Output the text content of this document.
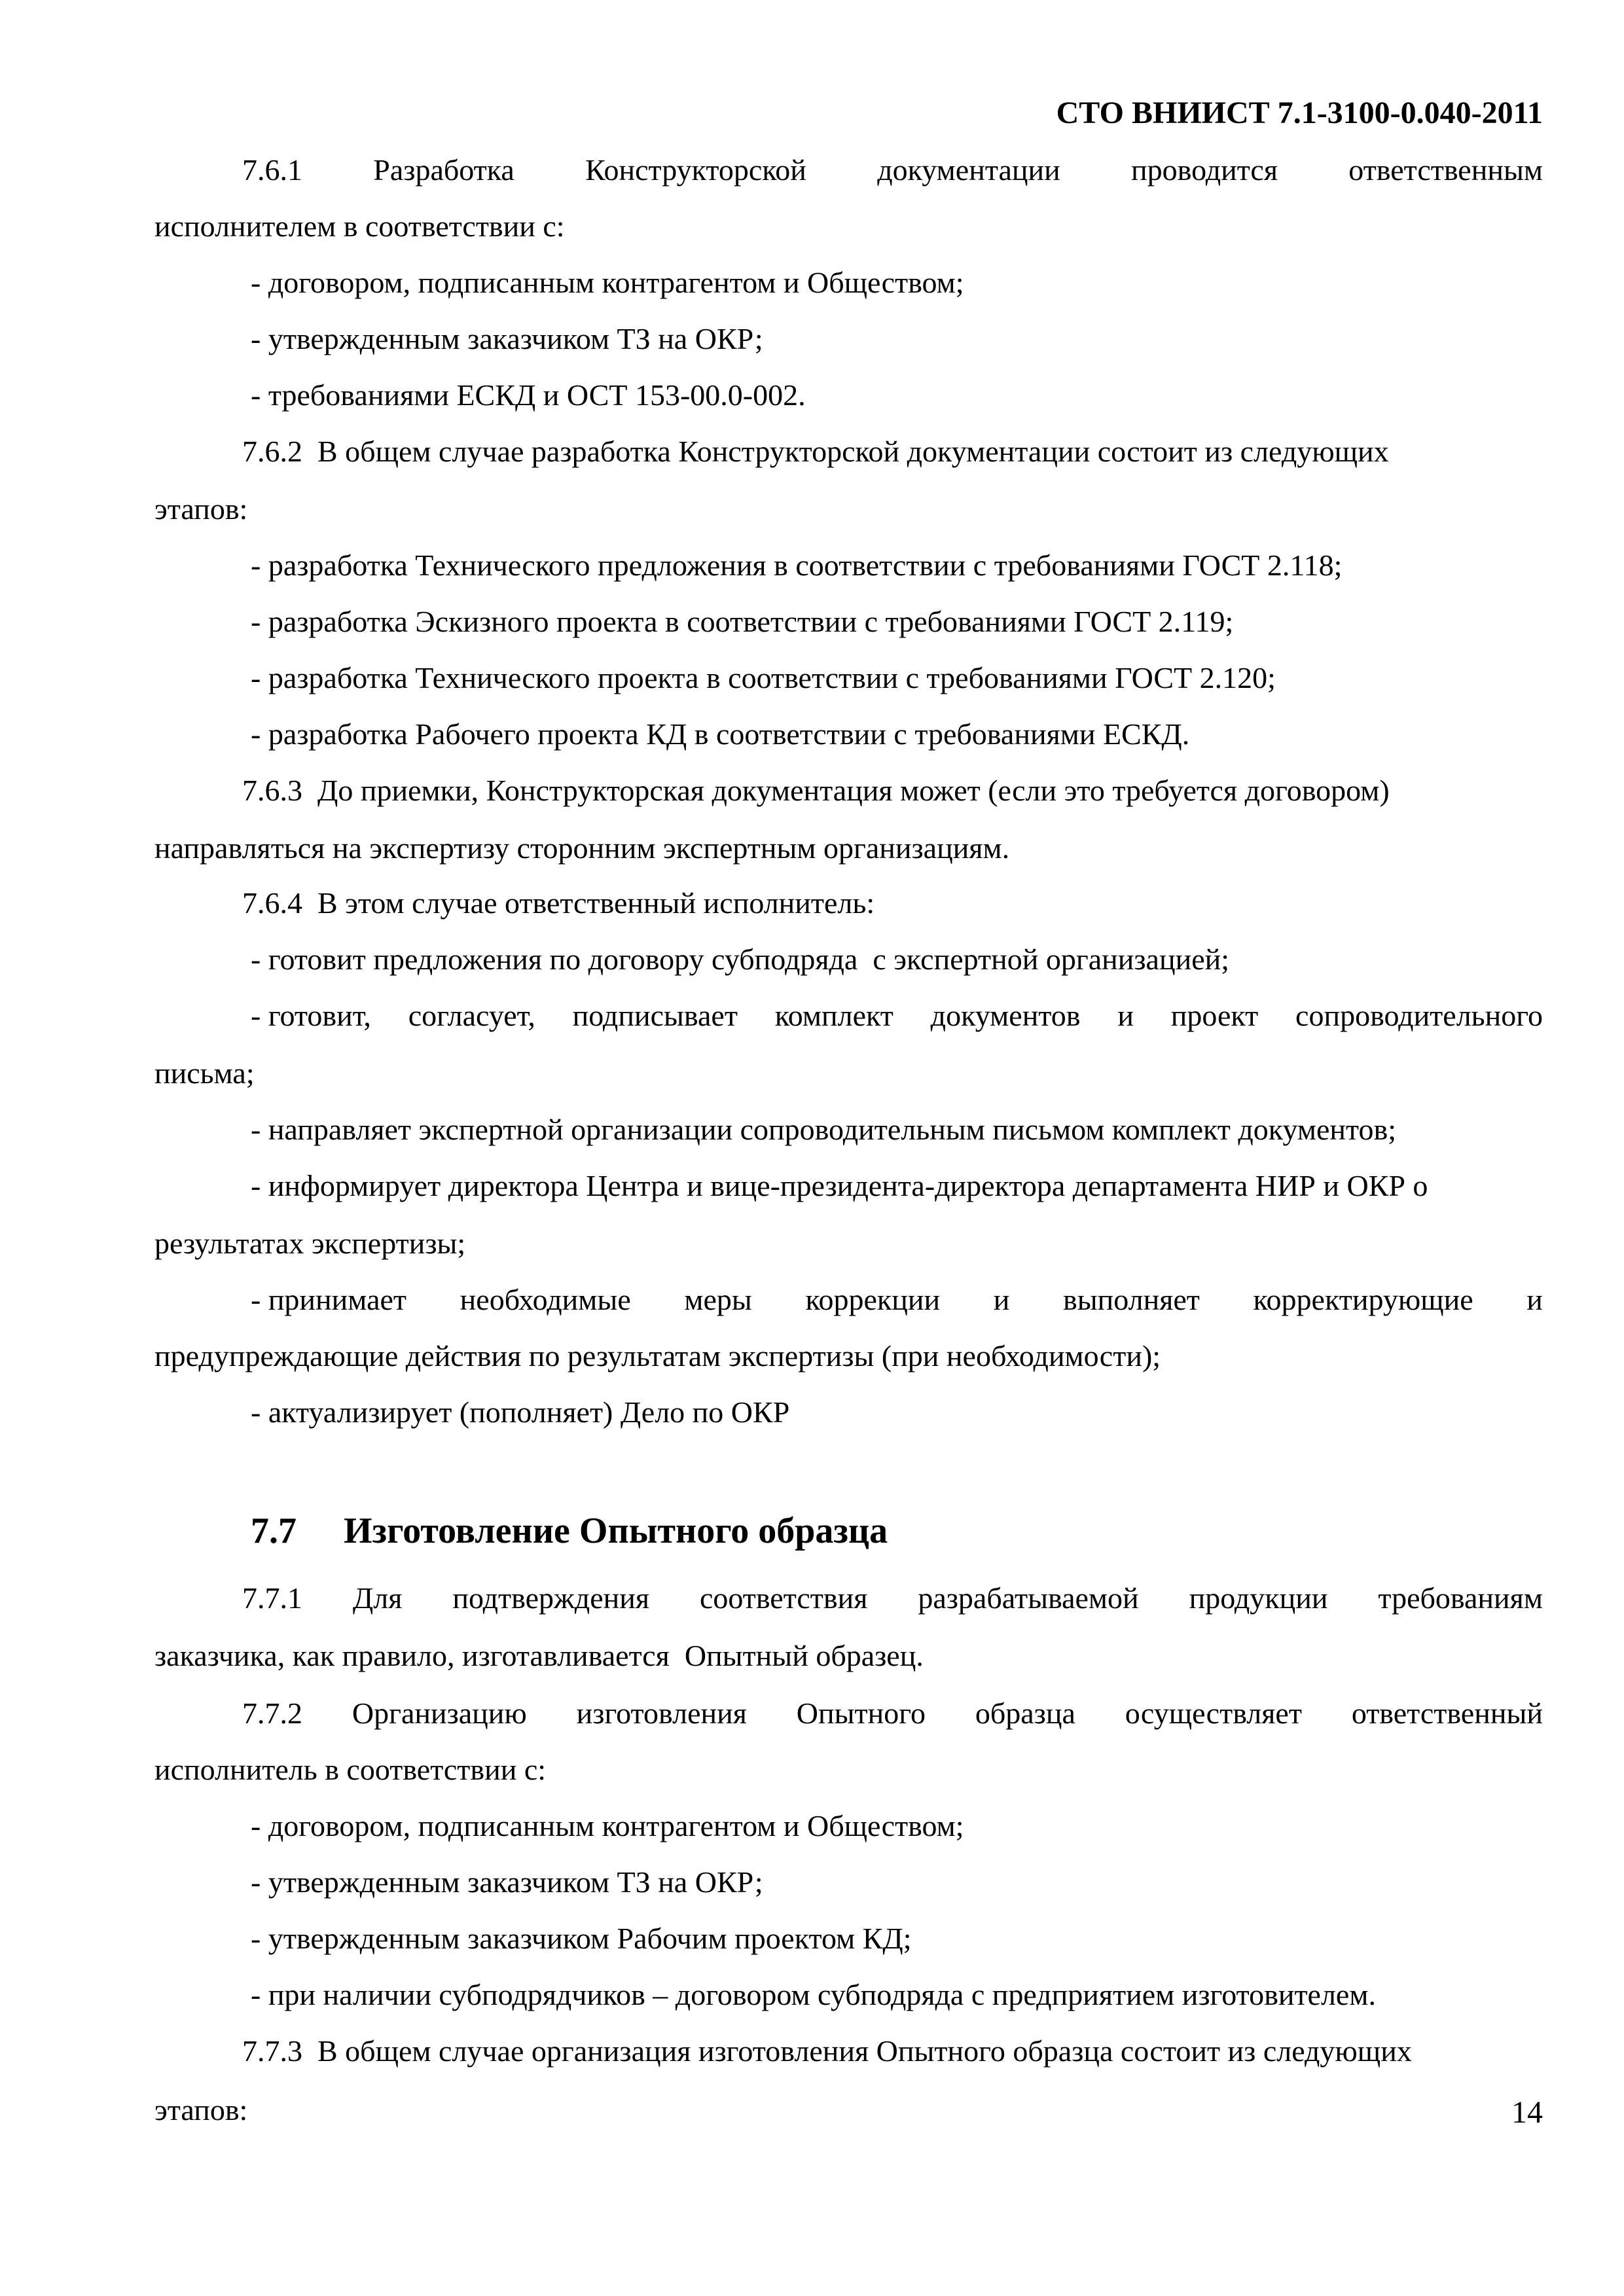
СТО ВНИИСТ 7.1-3100-0.040-2011
7.6.1 Разработка Конструкторской документации проводится ответственным
исполнителем в соответствии с:
- договором, подписанным контрагентом и Обществом;
- утвержденным заказчиком ТЗ на ОКР;
- требованиями ЕСКД и ОСТ 153-00.0-002.
7.6.2  В общем случае разработка Конструкторской документации состоит из следующих
этапов:
- разработка Технического предложения в соответствии с требованиями ГОСТ 2.118;
- разработка Эскизного проекта в соответствии с требованиями ГОСТ 2.119;
- разработка Технического проекта в соответствии с требованиями ГОСТ 2.120;
- разработка Рабочего проекта КД в соответствии с требованиями ЕСКД.
7.6.3  До приемки, Конструкторская документация может (если это требуется договором)
направляться на экспертизу сторонним экспертным организациям.
7.6.4  В этом случае ответственный исполнитель:
- готовит предложения по договору субподряда  с экспертной организацией;
- готовит, согласует, подписывает комплект документов и проект сопроводительного
письма;
- направляет экспертной организации сопроводительным письмом комплект документов;
- информирует директора Центра и вице-президента-директора департамента НИР и ОКР о
результатах экспертизы;
- принимает необходимые меры коррекции и выполняет корректирующие и
предупреждающие действия по результатам экспертизы (при необходимости);
- актуализирует (пополняет) Дело по ОКР
7.7 Изготовление Опытного образца
7.7.1 Для подтверждения соответствия разрабатываемой продукции требованиям
заказчика, как правило, изготавливается  Опытный образец.
7.7.2 Организацию изготовления Опытного образца осуществляет ответственный
исполнитель в соответствии с:
- договором, подписанным контрагентом и Обществом;
- утвержденным заказчиком ТЗ на ОКР;
- утвержденным заказчиком Рабочим проектом КД;
- при наличии субподрядчиков – договором субподряда с предприятием изготовителем.
7.7.3  В общем случае организация изготовления Опытного образца состоит из следующих
этапов:	14
